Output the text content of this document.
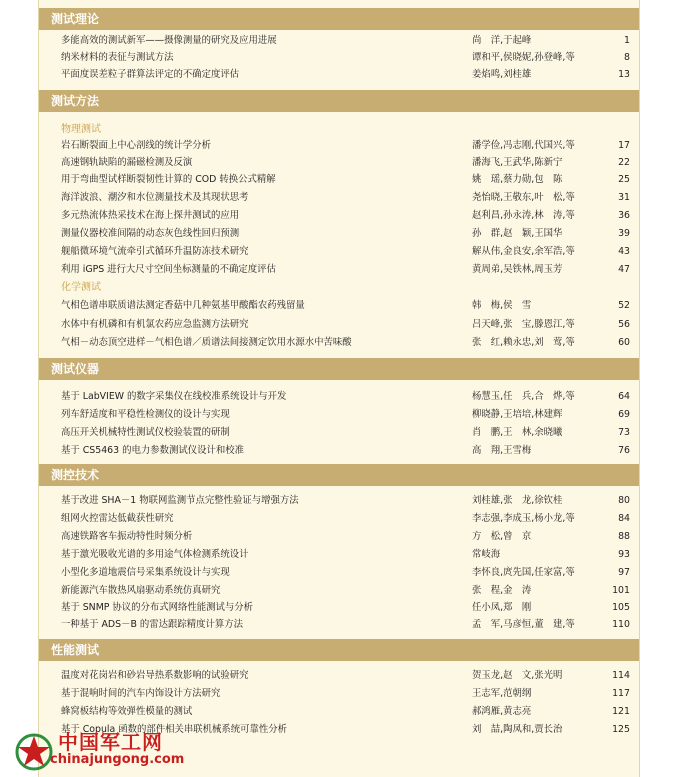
测试理论
多能高效的测试新军——摄像测量的研究及应用进展	尚　洋,于起峰	1
纳米材料的表征与测试方法	谭和平,侯晓妮,孙登峰,等	8
平面度误差粒子群算法评定的不确定度评估	姜焰鸣,刘桂雄	13
测试方法
物理测试
岩石断裂面上中心剖线的统计学分析	潘学俭,冯志刚,代国兴,等	17
高速钢轨缺陷的漏磁检测及反演	潘海飞,王武华,陈新宁	22
用于弯曲型试样断裂韧性计算的 COD 转换公式精解	姚　瑶,蔡力勋,包　陈	25
海洋波浪、潮汐和水位测量技术及其现状思考	尧怡晓,王敬东,叶　松,等	31
多元热流体热采技术在海上探井测试的应用	赵利昌,孙永涛,林　涛,等	36
测量仪器校准间隔的动态灰色线性回归预测	孙　群,赵　颖,王国华	39
舰船微环境气流牵引式循环升温防冻技术研究	解从伟,金良安,余军浩,等	43
利用 iGPS 进行大尺寸空间坐标测量的不确定度评估	黄周弟,吴铁林,周玉芳	47
化学测试
气相色谱串联质谱法测定香菇中几种氨基甲酸酯农药残留量	韩　梅,侯　雪	52
水体中有机磷和有机氯农药应急监测方法研究	吕天峰,张　宝,滕恩江,等	56
气相－动态顶空进样－气相色谱／质谱法间接测定饮用水源水中苦味酸	张　红,赖永忠,刘　莺,等	60
测试仪器
基于 LabVIEW 的数字采集仪在线校准系统设计与开发	杨慧玉,任　兵,合　烨,等	64
列车舒适度和平稳性检测仪的设计与实现	柳晓静,王培培,林建辉	69
高压开关机械特性测试仪校验装置的研制	肖　鹏,王　林,余晓曦	73
基于 CS5463 的电力参数测试仪设计和校准	高　翔,王雪梅	76
测控技术
基于改进 SHA－1 物联网监测节点完整性验证与增强方法	刘桂雄,张　龙,徐钦桂	80
组网火控雷达低截获性研究	李志强,李成玉,杨小龙,等	84
高速铁路客车振动特性时频分析	方　松,曾　京	88
基于激光吸收光谱的多用途气体检测系统设计	常岐海	93
小型化多道地震信号采集系统设计与实现	李怀良,庹先国,任家富,等	97
新能源汽车散热风扇驱动系统仿真研究	张　程,金　涛	101
基于 SNMP 协议的分布式网络性能测试与分析	任小凤,郑　刚	105
一种基于 ADS－B 的雷达跟踪精度计算方法	孟　军,马彦恒,董　建,等	110
性能测试
温度对花岗岩和砂岩导热系数影响的试验研究	贺玉龙,赵　文,张光明	114
基于混响时间的汽车内饰设计方法研究	王志军,范朝纲	117
蜂窝板结构等效弹性模量的测试	郝鸿雁,黄志亮	121
基于 Copula 函数的部件相关串联机械系统可靠性分析	刘　喆,陶凤和,贾长治	125
中国军工网
chinajungong.com
